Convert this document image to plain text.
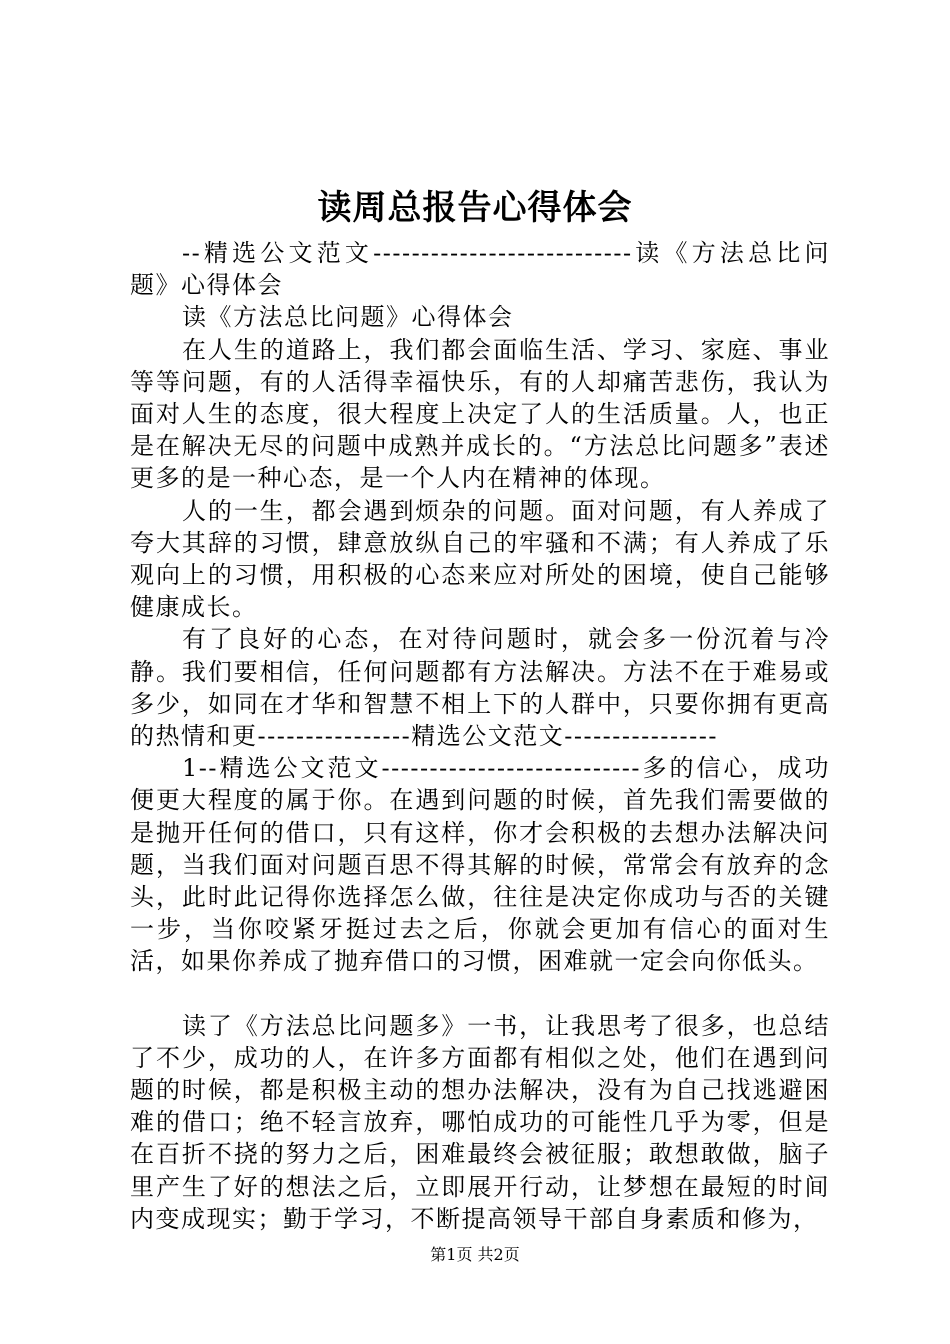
读周总报告心得体会

--精选公文范文---------------------------读《方法总比问题》心得体会

读《方法总比问题》心得体会

在人生的道路上，我们都会面临生活、学习、家庭、事业等等问题，有的人活得幸福快乐，有的人却痛苦悲伤，我认为面对人生的态度，很大程度上决定了人的生活质量。人，也正是在解决无尽的问题中成熟并成长的。“方法总比问题多”表述更多的是一种心态，是一个人内在精神的体现。

人的一生，都会遇到烦杂的问题。面对问题，有人养成了夸大其辞的习惯，肆意放纵自己的牢骚和不满；有人养成了乐观向上的习惯，用积极的心态来应对所处的困境，使自己能够健康成长。

有了良好的心态，在对待问题时，就会多一份沉着与冷静。我们要相信，任何问题都有方法解决。方法不在于难易或多少，如同在才华和智慧不相上下的人群中，只要你拥有更高的热情和更----------------精选公文范文----------------

1--精选公文范文---------------------------多的信心，成功便更大程度的属于你。在遇到问题的时候，首先我们需要做的是抛开任何的借口，只有这样，你才会积极的去想办法解决问题，当我们面对问题百思不得其解的时候，常常会有放弃的念头，此时此记得你选择怎么做，往往是决定你成功与否的关键一步，当你咬紧牙挺过去之后，你就会更加有信心的面对生活，如果你养成了抛弃借口的习惯，困难就一定会向你低头。

读了《方法总比问题多》一书，让我思考了很多，也总结了不少，成功的人，在许多方面都有相似之处，他们在遇到问题的时候，都是积极主动的想办法解决，没有为自己找逃避困难的借口；绝不轻言放弃，哪怕成功的可能性几乎为零，但是在百折不挠的努力之后，困难最终会被征服；敢想敢做，脑子里产生了好的想法之后，立即展开行动，让梦想在最短的时间内变成现实；勤于学习，不断提高领导干部自身素质和修为，

第1页 共2页
